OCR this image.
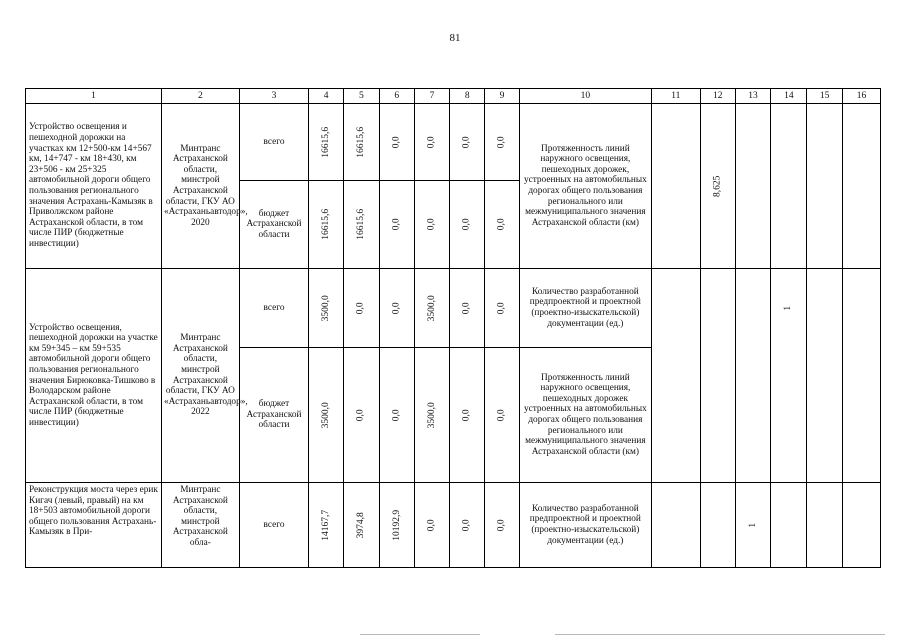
81
1	2	3	4	5	6	7	8	9	10	11	12	13	14	15	16
Устройство освещения и пешеходной дорожки на участках км 12+500-км 14+567 км, 14+747 - км 18+430, км 23+506 - км 25+325 автомобильной дороги общего пользования регионального значения Астрахань-Камызяк в Приволжском районе Астраханской области, в том числе ПИР (бюджетные инвестиции)	Минтранс Астраханской области, минстрой Астраханской области, ГКУ АО «Астраханьавтодор», 2020	всего	16615,6	16615,6	0,0	0,0	0,0	0,0	Протяженность линий наружного освещения, пешеходных дорожек, устроенных на автомобильных дорогах общего пользования регионального или межмуниципального значения Астраханской области (км)		8,625				
		бюджет Астраханской области	16615,6	16615,6	0,0	0,0	0,0	0,0							
Устройство освещения, пешеходной дорожки на участке км 59+345 – км 59+535 автомобильной дороги общего пользования регионального значения Бирюковка-Тишково в Володарском районе Астраханской области, в том числе ПИР (бюджетные инвестиции)	Минтранс Астраханской области, минстрой Астраханской области, ГКУ АО «Астраханьавтодор», 2022	всего	3500,0	0,0	0,0	3500,0	0,0	0,0	Количество разработанной предпроектной и проектной (проектно-изыскательской) документации (ед.)				1		
		бюджет Астраханской области	3500,0	0,0	0,0	3500,0	0,0	0,0	Протяженность линий наружного освещения, пешеходных дорожек устроенных на автомобильных дорогах общего пользования регионального или межмуниципального значения Астраханской области (км)						
Реконструкция моста через ерик Кигач (левый, правый) на км 18+503 автомобильной дороги общего пользования Астрахань-Камызяк в При-	Минтранс Астраханской области, минстрой Астраханской обла-	всего	14167,7	3974,8	10192,9	0,0	0,0	0,0	Количество разработанной предпроектной и проектной (проектно-изыскательской) документации (ед.)			1			
